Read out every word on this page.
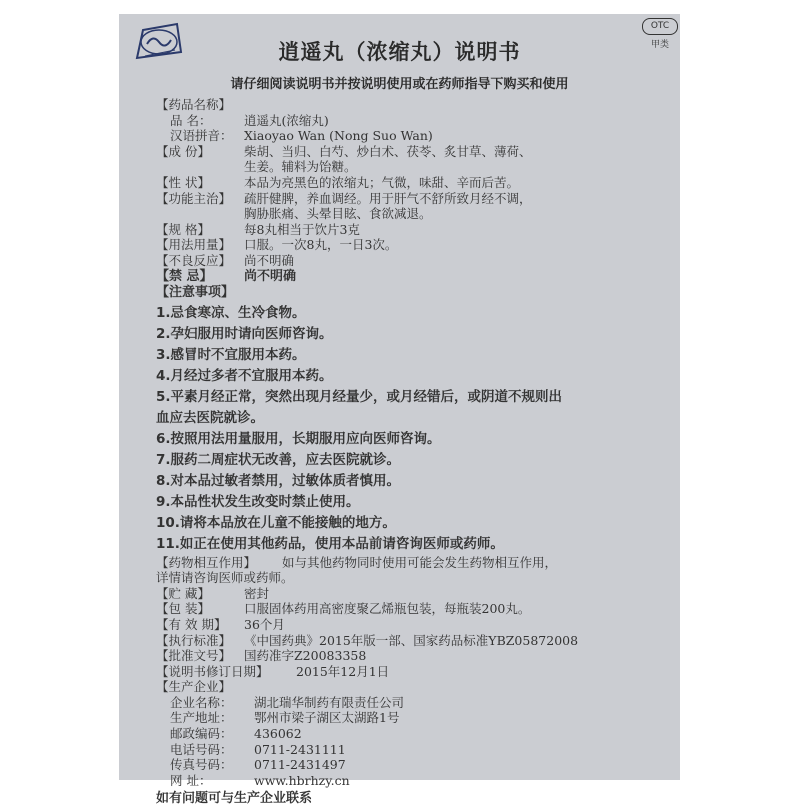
逍遥丸（浓缩丸）说明书
请仔细阅读说明书并按说明使用或在药师指导下购买和使用
OTC
甲类
【药品名称】
品 名：	逍遥丸(浓缩丸)
汉语拼音： Xiaoyao Wan (Nong Suo Wan)
【成 份】	柴胡、当归、白芍、炒白术、茯苓、炙甘草、薄荷、
生姜。辅料为饴糖。
【性 状】	本品为亮黑色的浓缩丸；气微，味甜、辛而后苦。
【功能主治】	疏肝健脾，养血调经。用于肝气不舒所致月经不调，
胸胁胀痛、头晕目眩、食欲减退。
【规 格】	每8丸相当于饮片3克
【用法用量】	口服。一次8丸，一日3次。
【不良反应】	尚不明确
【禁 忌】	尚不明确
【注意事项】
1.忌食寒凉、生冷食物。
2.孕妇服用时请向医师咨询。
3.感冒时不宜服用本药。
4.月经过多者不宜服用本药。
5.平素月经正常，突然出现月经量少，或月经错后，或阴道不规则出
血应去医院就诊。
6.按照用法用量服用，长期服用应向医师咨询。
7.服药二周症状无改善，应去医院就诊。
8.对本品过敏者禁用，过敏体质者慎用。
9.本品性状发生改变时禁止使用。
10.请将本品放在儿童不能接触的地方。
11.如正在使用其他药品，使用本品前请咨询医师或药师。
【药物相互作用】	如与其他药物同时使用可能会发生药物相互作用，
详情请咨询医师或药师。
【贮 藏】	密封
【包 装】	口服固体药用高密度聚乙烯瓶包装，每瓶装200丸。
【有 效 期】	36个月
【执行标准】	《中国药典》2015年版一部、国家药品标准YBZ05872008
【批准文号】	国药准字Z20083358
【说明书修订日期】	2015年12月1日
【生产企业】
企业名称：	湖北瑞华制药有限责任公司
生产地址：	鄂州市梁子湖区太湖路1号
邮政编码：	436062
电话号码：	0711-2431111
传真号码：	0711-2431497
网 址：	www.hbrhzy.cn
如有问题可与生产企业联系
